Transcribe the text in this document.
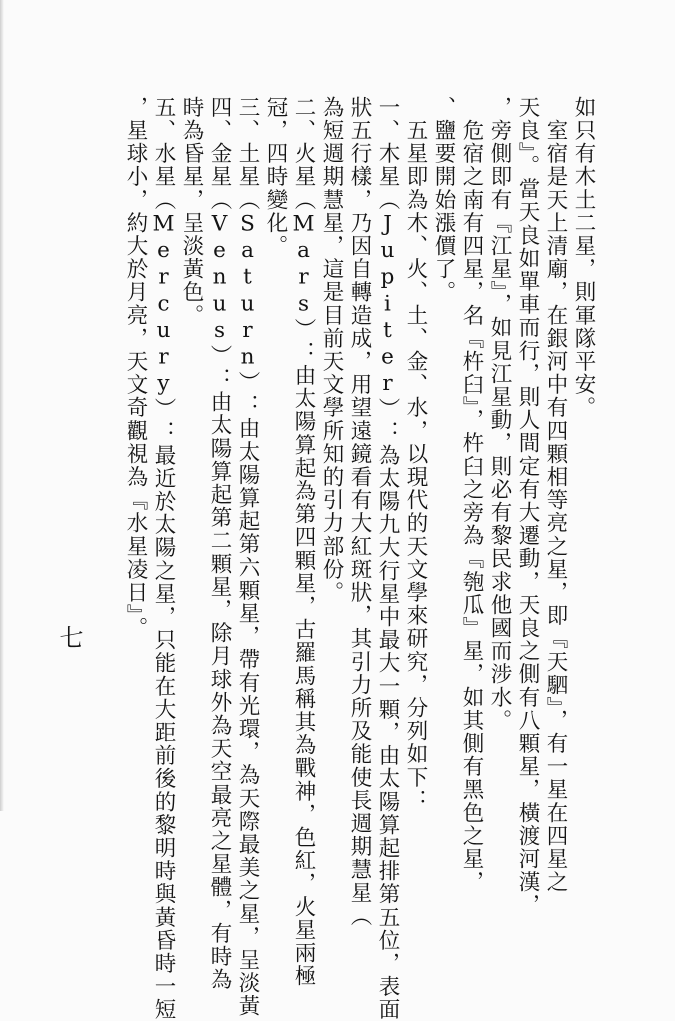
如只有木土二星，則軍隊平安。
　室宿是天上清廟，在銀河中有四顆相等亮之星，即『天駟』，有一星在四星之
天良』。當天良如單車而行，則人間定有大遷動，天良之側有八顆星，橫渡河漢，
，旁側即有『江星』，如見江星動，則必有黎民求他國而涉水。
　危宿之南有四星，名『杵臼』，杵臼之旁為『匏瓜』星，如其側有黑色之星，
、鹽要開始漲價了。
　五星即為木、火、土、金、水，以現代的天文學來研究，分列如下：
一、木星（Jupiter）：為太陽九大行星中最大一顆，由太陽算起排第五位，表面
狀五行樣，乃因自轉造成，用望遠鏡看有大紅斑狀，其引力所及能使長週期慧星（
為短週期慧星，這是目前天文學所知的引力部份。
二、火星（Mars）：由太陽算起為第四顆星，古羅馬稱其為戰神，色紅，火星兩極
冠，四時變化。
三、土星（Saturn）：由太陽算起第六顆星，帶有光環，為天際最美之星，呈淡黃
四、金星（Venus）：由太陽算起第二顆星，除月球外為天空最亮之星體，有時為
時為昏星，呈淡黃色。
五、水星（Mercury）：最近於太陽之星，只能在大距前後的黎明時與黃昏時一短
，星球小，約大於月亮，天文奇觀視為『水星凌日』。
七
